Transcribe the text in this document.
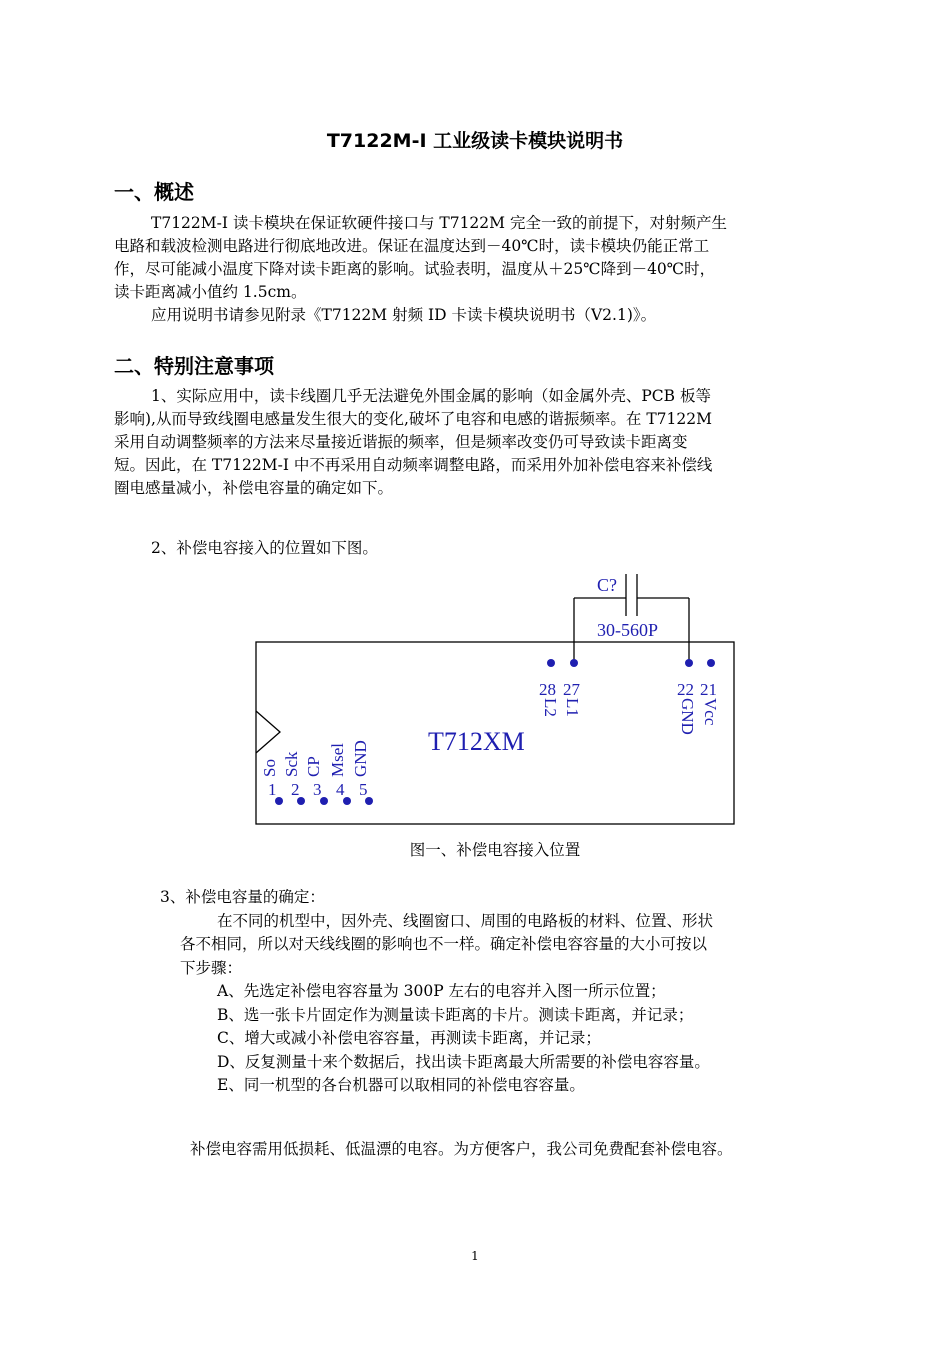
T7122M-I 工业级读卡模块说明书
一、概述
T7122M-I 读卡模块在保证软硬件接口与 T7122M 完全一致的前提下，对射频产生
电路和载波检测电路进行彻底地改进。保证在温度达到－40℃时，读卡模块仍能正常工
作，尽可能减小温度下降对读卡距离的影响。试验表明，温度从＋25℃降到－40℃时，
读卡距离减小值约 1.5cm。
应用说明书请参见附录《T7122M 射频 ID 卡读卡模块说明书（V2.1)》。
二、特别注意事项
1、实际应用中，读卡线圈几乎无法避免外围金属的影响（如金属外壳、PCB 板等
影响),从而导致线圈电感量发生很大的变化,破坏了电容和电感的谐振频率。在 T7122M
采用自动调整频率的方法来尽量接近谐振的频率，但是频率改变仍可导致读卡距离变
短。因此，在 T7122M-I 中不再采用自动频率调整电路，而采用外加补偿电容来补偿线
圈电感量减小，补偿电容量的确定如下。
2、补偿电容接入的位置如下图。
C?
30-560P
T712XM
28 27	22 21
L2 L1	GND Vcc
So Sck CP Msel GND
1 2 3 4 5
图一、补偿电容接入位置
3、补偿电容量的确定：
在不同的机型中，因外壳、线圈窗口、周围的电路板的材料、位置、形状
各不相同，所以对天线线圈的影响也不一样。确定补偿电容容量的大小可按以
下步骤：
A、先选定补偿电容容量为 300P 左右的电容并入图一所示位置；
B、选一张卡片固定作为测量读卡距离的卡片。测读卡距离，并记录；
C、增大或减小补偿电容容量，再测读卡距离，并记录；
D、反复测量十来个数据后，找出读卡距离最大所需要的补偿电容容量。
E、同一机型的各台机器可以取相同的补偿电容容量。
补偿电容需用低损耗、低温漂的电容。为方便客户，我公司免费配套补偿电容。
1
